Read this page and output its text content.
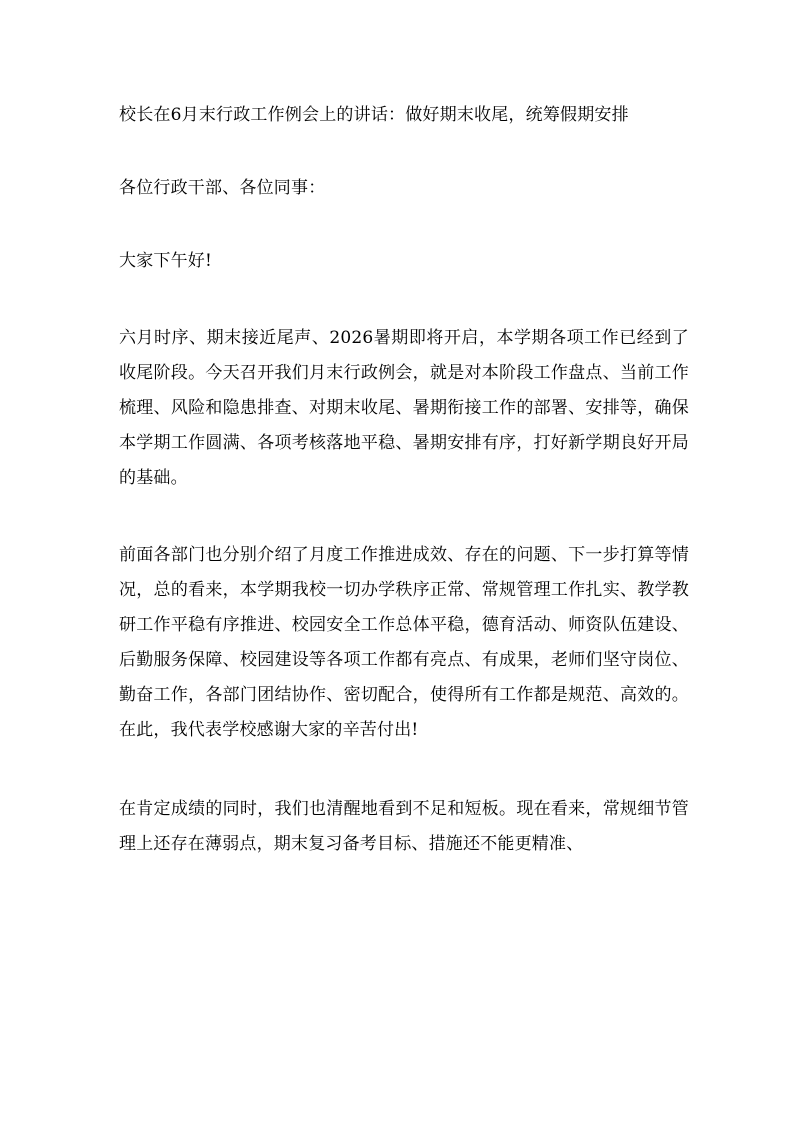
校长在6月末行政工作例会上的讲话：做好期末收尾，统筹假期安排

各位行政干部、各位同事：

大家下午好!

六月时序、期末接近尾声、2026暑期即将开启，本学期各项工作已经到了收尾阶段。今天召开我们月末行政例会，就是对本阶段工作盘点、当前工作梳理、风险和隐患排查、对期末收尾、暑期衔接工作的部署、安排等，确保本学期工作圆满、各项考核落地平稳、暑期安排有序，打好新学期良好开局的基础。

前面各部门也分别介绍了月度工作推进成效、存在的问题、下一步打算等情况，总的看来，本学期我校一切办学秩序正常、常规管理工作扎实、教学教研工作平稳有序推进、校园安全工作总体平稳，德育活动、师资队伍建设、后勤服务保障、校园建设等各项工作都有亮点、有成果，老师们坚守岗位、勤奋工作，各部门团结协作、密切配合，使得所有工作都是规范、高效的。在此，我代表学校感谢大家的辛苦付出!

在肯定成绩的同时，我们也清醒地看到不足和短板。现在看来，常规细节管理上还存在薄弱点，期末复习备考目标、措施还不能更精准、
